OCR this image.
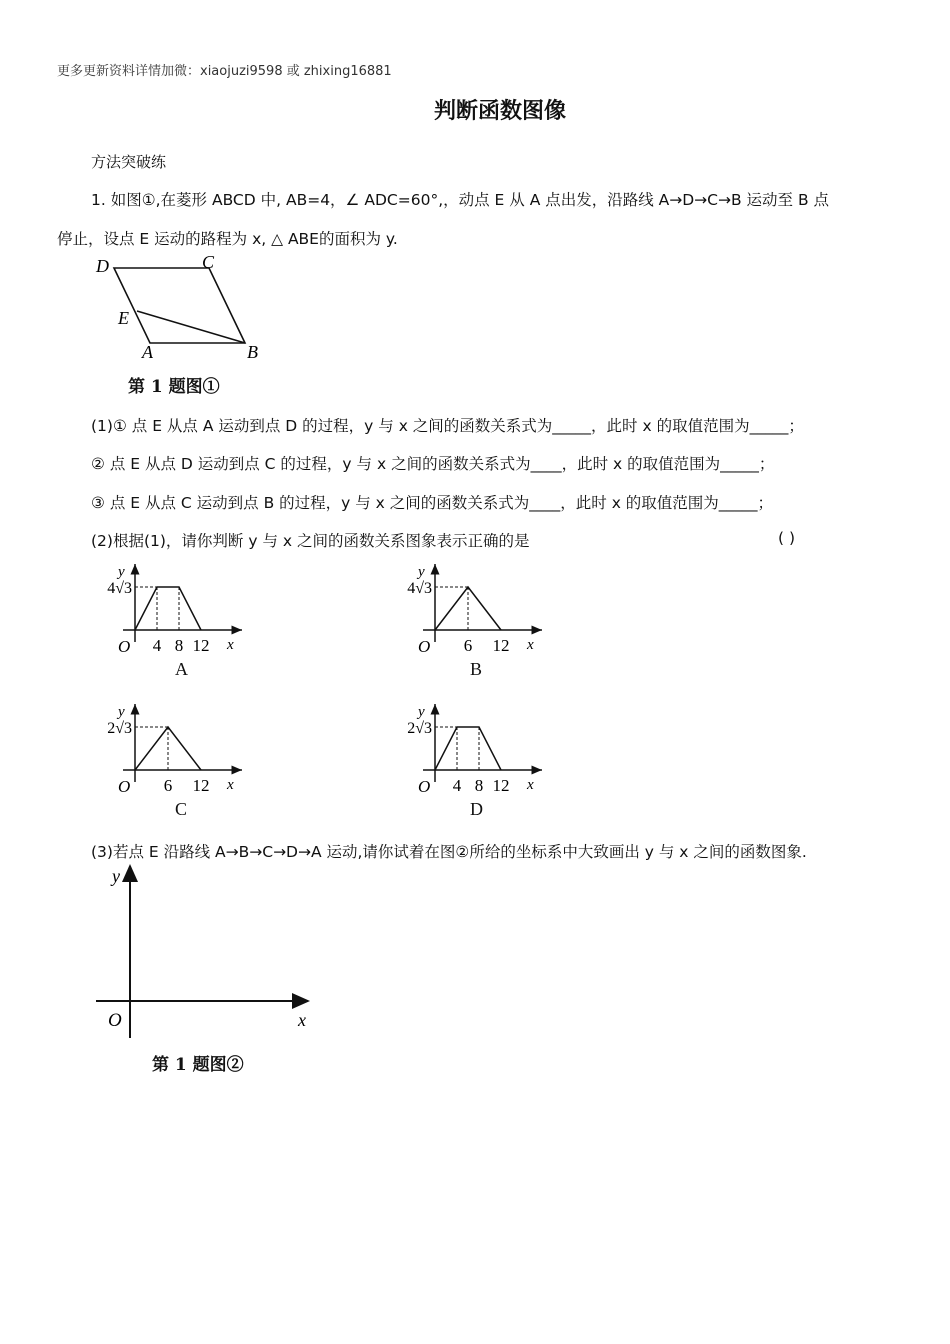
更多更新资料详情加微：xiaojuzi9598 或 zhixing16881
判断函数图像
方法突破练
1. 如图①,在菱形 ABCD 中, AB=4，∠ ADC=60°,，动点 E 从 A 点出发，沿路线 A→D→C→B 运动至 B 点
停止，设点 E 运动的路程为 x, △ ABE的面积为 y.
D	C
E
A	B
第 1 题图①
(1)① 点 E 从点 A 运动到点 D 的过程，y 与 x 之间的函数关系式为_____，此时 x 的取值范围为_____；
② 点 E 从点 D 运动到点 C 的过程，y 与 x 之间的函数关系式为____，此时 x 的取值范围为_____；
③ 点 E 从点 C 运动到点 B 的过程，y 与 x 之间的函数关系式为____，此时 x 的取值范围为_____；
(2)根据(1)，请你判断 y 与 x 之间的函数关系图象表示正确的是	( )
y
4√3
O 4 8 12 x
A
y
4√3
O 6 12 x
B
y
2√3
O 6 12 x
C
y
2√3
O 4 8 12 x
D
(3)若点 E 沿路线 A→B→C→D→A 运动,请你试着在图②所给的坐标系中大致画出 y 与 x 之间的函数图象.
y
O	x
第 1 题图②
